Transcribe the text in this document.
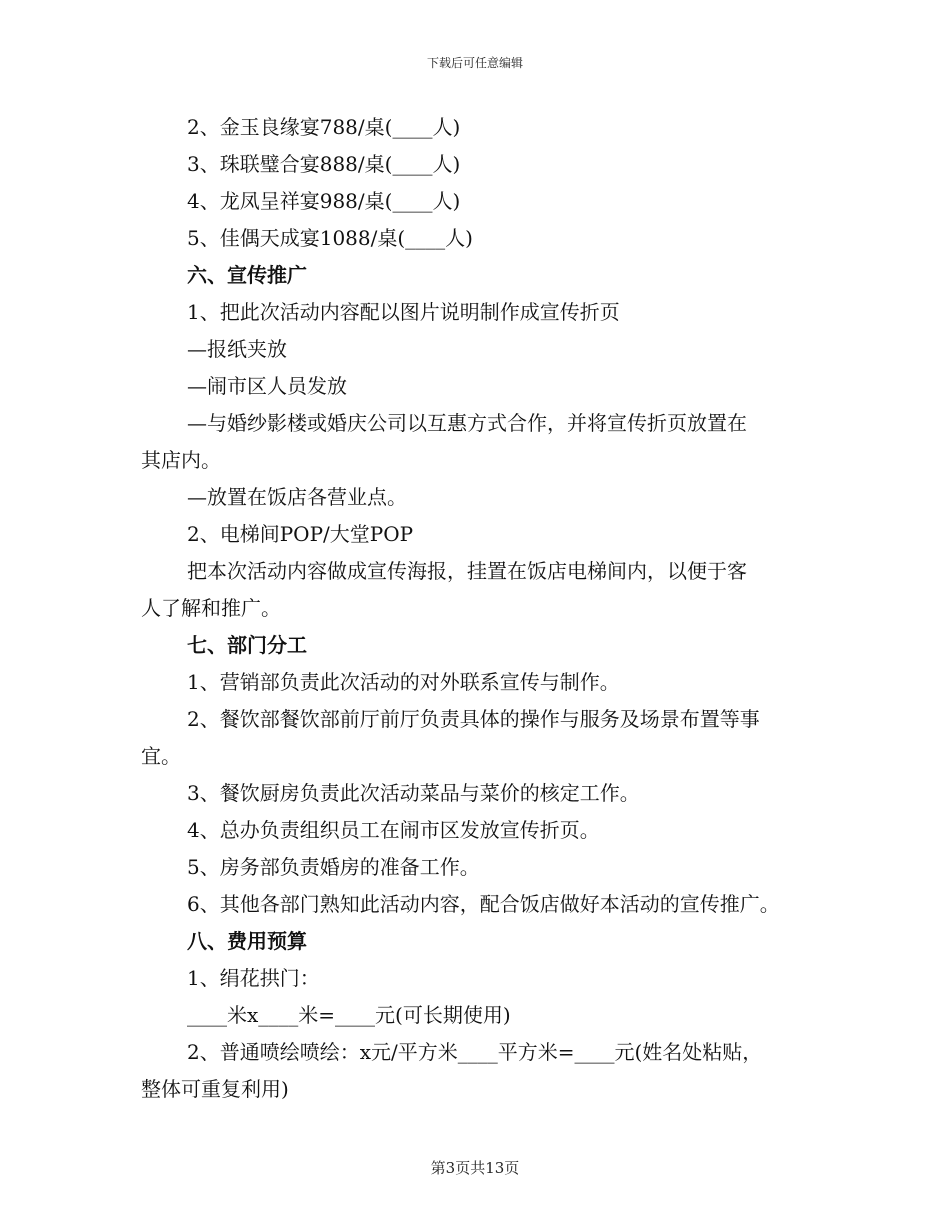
下载后可任意编辑
2、金玉良缘宴788/桌(____人)
3、珠联璧合宴888/桌(____人)
4、龙凤呈祥宴988/桌(____人)
5、佳偶天成宴1088/桌(____人)
六、宣传推广
1、把此次活动内容配以图片说明制作成宣传折页
—报纸夹放
—闹市区人员发放
—与婚纱影楼或婚庆公司以互惠方式合作，并将宣传折页放置在
其店内。
—放置在饭店各营业点。
2、电梯间POP/大堂POP
把本次活动内容做成宣传海报，挂置在饭店电梯间内，以便于客
人了解和推广。
七、部门分工
1、营销部负责此次活动的对外联系宣传与制作。
2、餐饮部餐饮部前厅前厅负责具体的操作与服务及场景布置等事
宜。
3、餐饮厨房负责此次活动菜品与菜价的核定工作。
4、总办负责组织员工在闹市区发放宣传折页。
5、房务部负责婚房的准备工作。
6、其他各部门熟知此活动内容，配合饭店做好本活动的宣传推广。
八、费用预算
1、绢花拱门：
____米x____米=____元(可长期使用)
2、普通喷绘喷绘：x元/平方米____平方米=____元(姓名处粘贴，
整体可重复利用)
第3页共13页
